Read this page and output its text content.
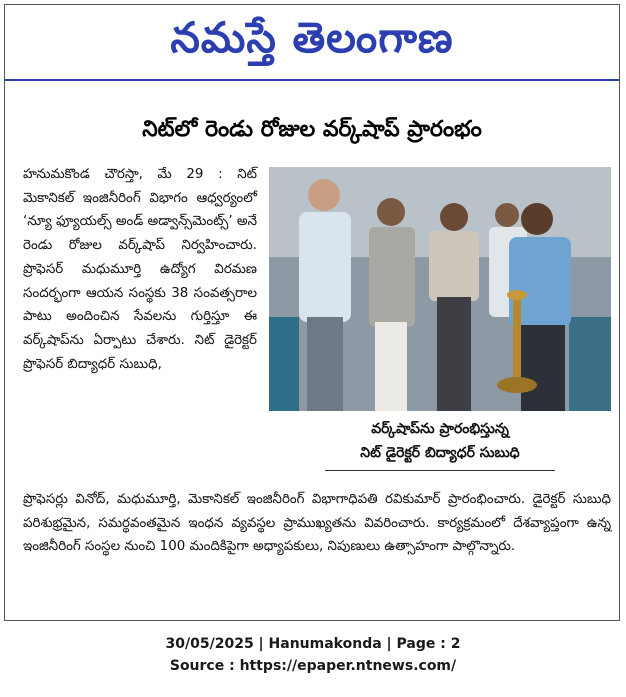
నమస్తే తెలంగాణ
నిట్‌లో రెండు రోజుల వర్క్‌షాప్ ప్రారంభం

హనుమకొండ చౌరస్తా, మే 29 : నిట్ మెకానికల్ ఇంజినీరింగ్ విభాగం ఆధ్వర్యంలో ‘న్యూ ఫ్యూయల్స్ అండ్ అడ్వాన్స్‌మెంట్స్’ అనే రెండు రోజుల వర్క్‌షాప్ నిర్వహించారు. ప్రొఫెసర్ మధుమూర్తి ఉద్యోగ విరమణ సందర్భంగా ఆయన సంస్థకు 38 సంవత్సరాల పాటు అందించిన సేవలను గుర్తిస్తూ ఈ వర్క్‌షాప్‌ను ఏర్పాటు చేశారు. నిట్ డైరెక్టర్ ప్రొఫెసర్ బిద్యాధర్ సుబుధి,

వర్క్‌షాప్‌ను ప్రారంభిస్తున్న
నిట్ డైరెక్టర్ బిద్యాధర్ సుబుధి

ప్రొఫెసర్లు వినోద్, మధుమూర్తి, మెకానికల్ ఇంజినీరింగ్ విభాగాధిపతి రవికుమార్ ప్రారంభించారు. డైరెక్టర్ సుబుధి పరిశుభ్రమైన, సమర్థవంతమైన ఇంధన వ్యవస్థల ప్రాముఖ్యతను వివరించారు. కార్యక్రమంలో దేశవ్యాప్తంగా ఉన్న ఇంజినీరింగ్ సంస్థల నుంచి 100 మందికిపైగా అధ్యాపకులు, నిపుణులు ఉత్సాహంగా పాల్గొన్నారు.

30/05/2025 | Hanumakonda | Page : 2
Source : https://epaper.ntnews.com/
